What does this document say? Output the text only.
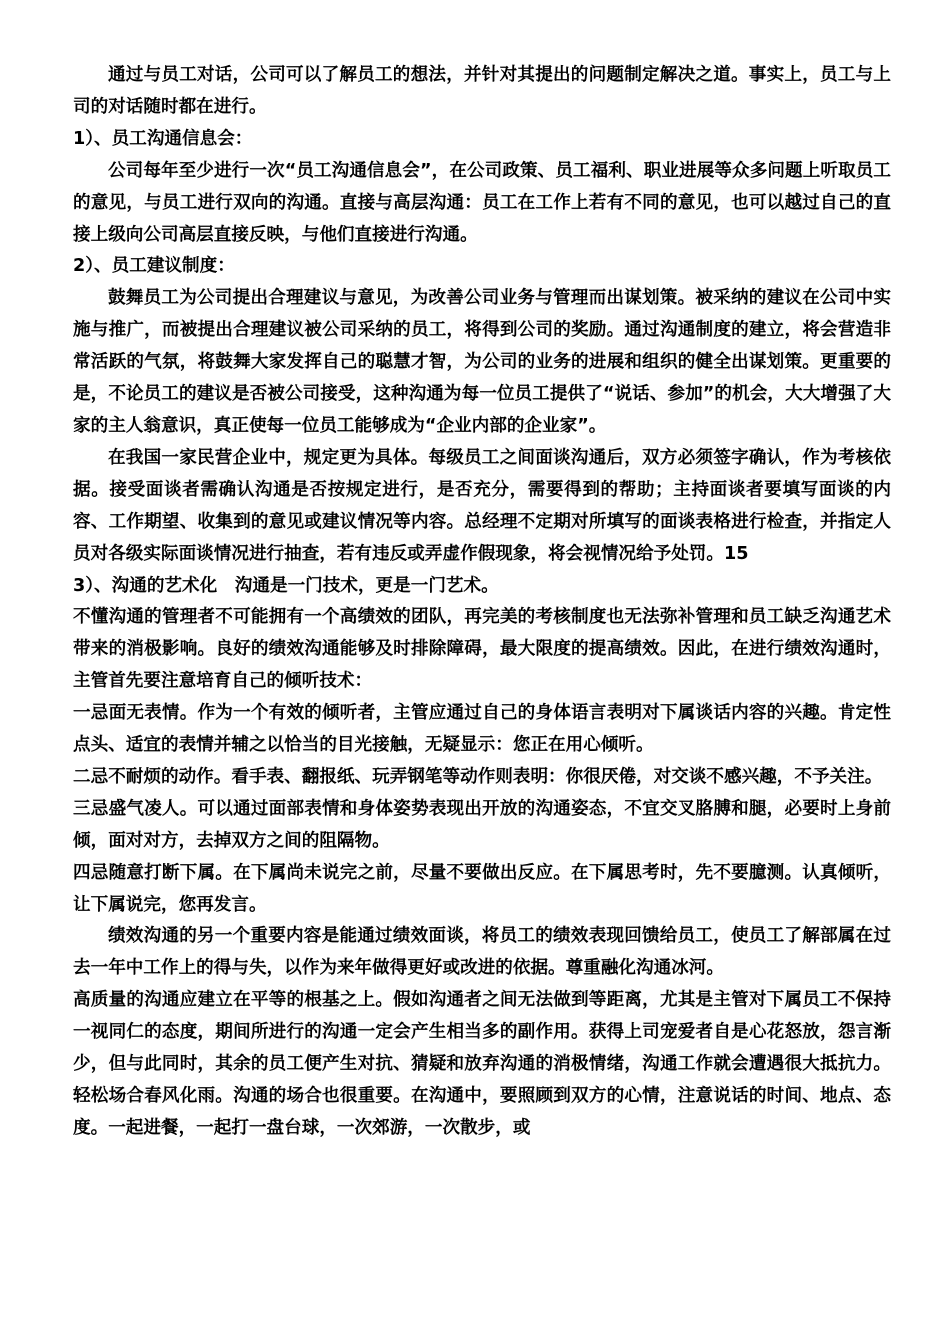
通过与员工对话，公司可以了解员工的想法，并针对其提出的问题制定解决之道。事实上，员工与上司的对话随时都在进行。

1）、员工沟通信息会：

公司每年至少进行一次“员工沟通信息会”，在公司政策、员工福利、职业进展等众多问题上听取员工的意见，与员工进行双向的沟通。直接与高层沟通：员工在工作上若有不同的意见，也可以越过自己的直接上级向公司高层直接反映，与他们直接进行沟通。

2）、员工建议制度：

鼓舞员工为公司提出合理建议与意见，为改善公司业务与管理而出谋划策。被采纳的建议在公司中实施与推广，而被提出合理建议被公司采纳的员工，将得到公司的奖励。通过沟通制度的建立，将会营造非常活跃的气氛，将鼓舞大家发挥自己的聪慧才智，为公司的业务的进展和组织的健全出谋划策。更重要的是，不论员工的建议是否被公司接受，这种沟通为每一位员工提供了“说话、参加”的机会，大大增强了大家的主人翁意识，真正使每一位员工能够成为“企业内部的企业家”。

在我国一家民营企业中，规定更为具体。每级员工之间面谈沟通后，双方必须签字确认，作为考核依据。接受面谈者需确认沟通是否按规定进行，是否充分，需要得到的帮助；主持面谈者要填写面谈的内容、工作期望、收集到的意见或建议情况等内容。总经理不定期对所填写的面谈表格进行检查，并指定人员对各级实际面谈情况进行抽查，若有违反或弄虚作假现象，将会视情况给予处罚。15

3）、沟通的艺术化　沟通是一门技术，更是一门艺术。

不懂沟通的管理者不可能拥有一个高绩效的团队，再完美的考核制度也无法弥补管理和员工缺乏沟通艺术带来的消极影响。良好的绩效沟通能够及时排除障碍，最大限度的提高绩效。因此，在进行绩效沟通时，主管首先要注意培育自己的倾听技术：

一忌面无表情。作为一个有效的倾听者，主管应通过自己的身体语言表明对下属谈话内容的兴趣。肯定性点头、适宜的表情并辅之以恰当的目光接触，无疑显示：您正在用心倾听。

二忌不耐烦的动作。看手表、翻报纸、玩弄钢笔等动作则表明：你很厌倦，对交谈不感兴趣，不予关注。

三忌盛气凌人。可以通过面部表情和身体姿势表现出开放的沟通姿态，不宜交叉胳膊和腿，必要时上身前倾，面对对方，去掉双方之间的阻隔物。

四忌随意打断下属。在下属尚未说完之前，尽量不要做出反应。在下属思考时，先不要臆测。认真倾听，让下属说完，您再发言。

绩效沟通的另一个重要内容是能通过绩效面谈，将员工的绩效表现回馈给员工，使员工了解部属在过去一年中工作上的得与失，以作为来年做得更好或改进的依据。尊重融化沟通冰河。

高质量的沟通应建立在平等的根基之上。假如沟通者之间无法做到等距离，尤其是主管对下属员工不保持一视同仁的态度，期间所进行的沟通一定会产生相当多的副作用。获得上司宠爱者自是心花怒放，怨言渐少，但与此同时，其余的员工便产生对抗、猜疑和放弃沟通的消极情绪，沟通工作就会遭遇很大抵抗力。轻松场合春风化雨。沟通的场合也很重要。在沟通中，要照顾到双方的心情，注意说话的时间、地点、态度。一起进餐，一起打一盘台球，一次郊游，一次散步，或
